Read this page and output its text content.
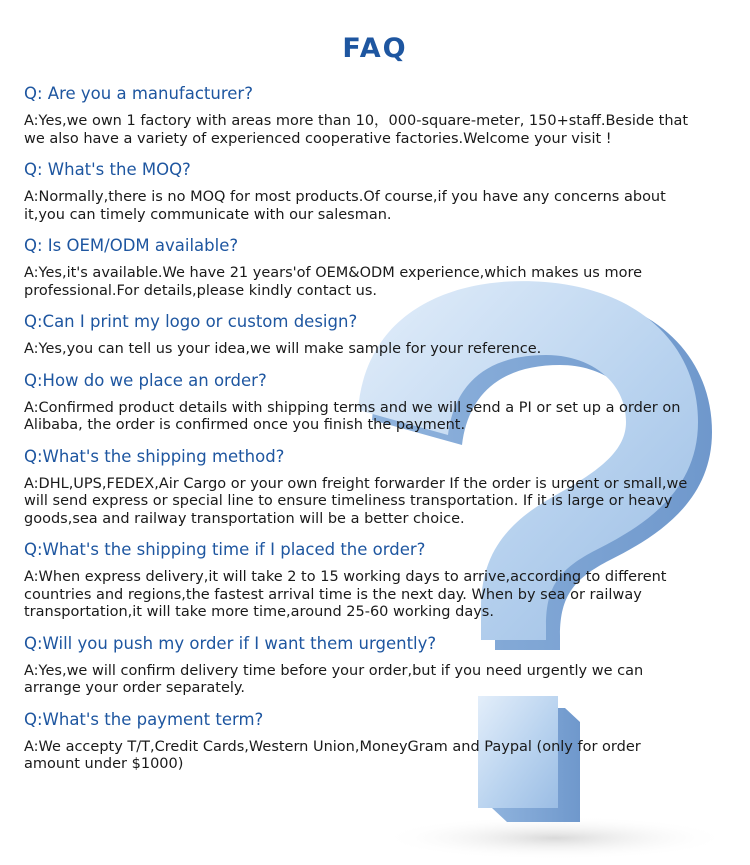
FAQ
Q: Are you a manufacturer?
A:Yes,we own 1 factory with areas more than 10，000-square-meter, 150+staff.Beside that
we also have a variety of experienced cooperative factories.Welcome your visit !
Q: What's the MOQ?
A:Normally,there is no MOQ for most products.Of course,if you have any concerns about
it,you can timely communicate with our salesman.
Q: Is OEM/ODM available?
A:Yes,it's available.We have 21 years'of OEM&ODM experience,which makes us more
professional.For details,please kindly contact us.
Q:Can I print my logo or custom design?
A:Yes,you can tell us your idea,we will make sample for your reference.
Q:How do we place an order?
A:Confirmed product details with shipping terms and we will send a PI or set up a order on
Alibaba, the order is confirmed once you finish the payment.
Q:What's the shipping method?
A:DHL,UPS,FEDEX,Air Cargo or your own freight forwarder If the order is urgent or small,we
will send express or special line to ensure timeliness transportation. If it is large or heavy
goods,sea and railway transportation will be a better choice.
Q:What's the shipping time if I placed the order?
A:When express delivery,it will take 2 to 15 working days to arrive,according to different
countries and regions,the fastest arrival time is the next day. When by sea or railway
transportation,it will take more time,around 25-60 working days.
Q:Will you push my order if I want them urgently?
A:Yes,we will confirm delivery time before your order,but if you need urgently we can
arrange your order separately.
Q:What's the payment term?
A:We accepty T/T,Credit Cards,Western Union,MoneyGram and Paypal (only for order
amount under $1000)
